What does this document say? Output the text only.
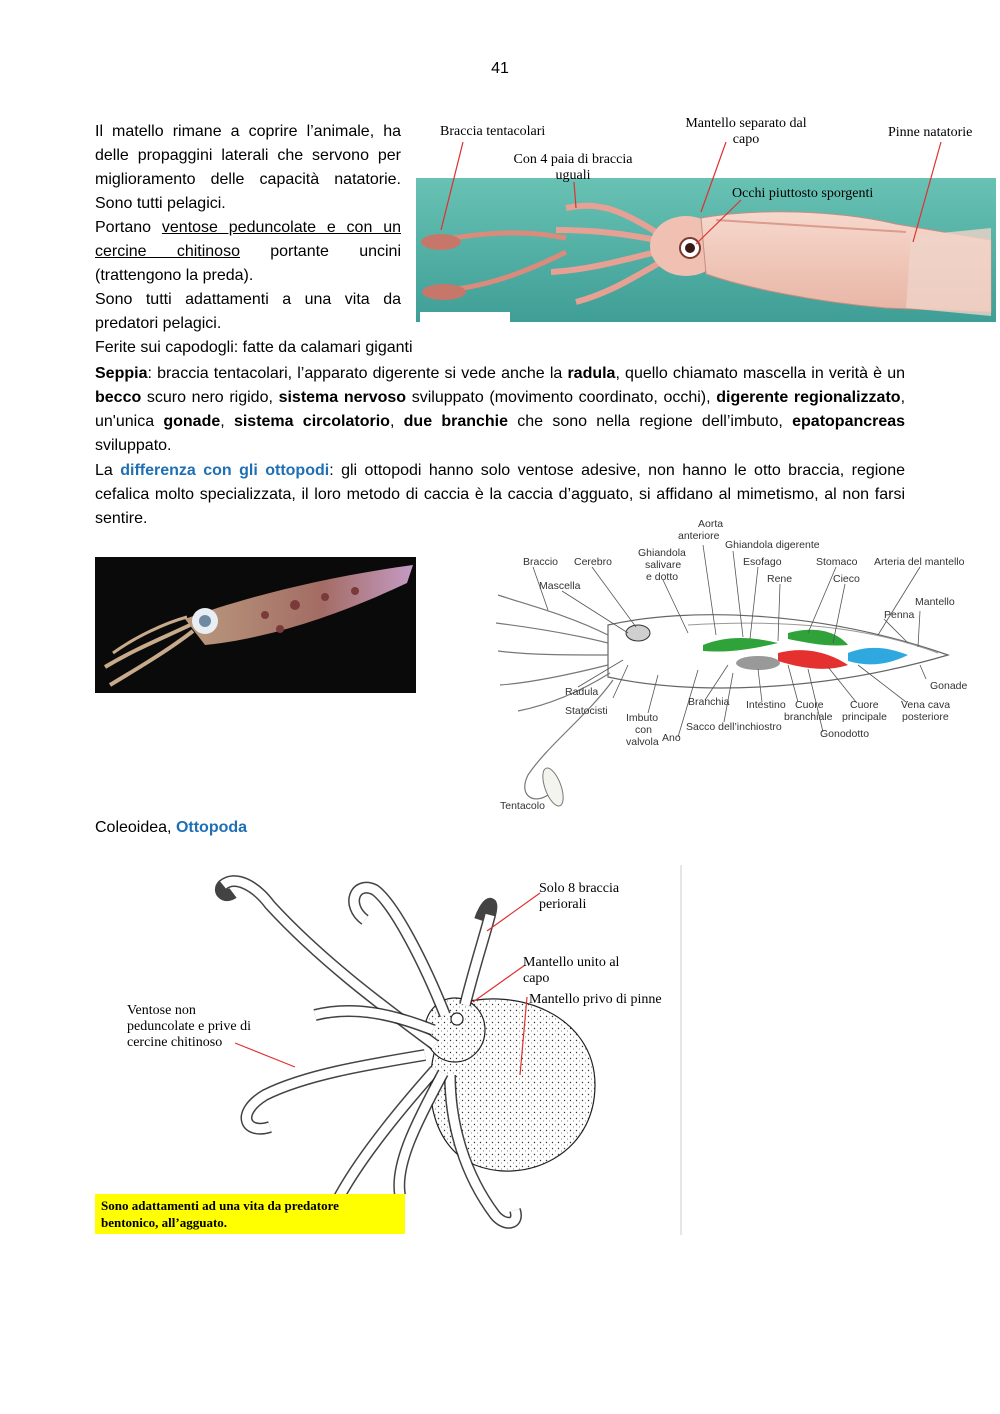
41
Il matello rimane a coprire l’animale, ha
delle propaggini laterali che servono per
miglioramento delle capacità natatorie.
Sono tutti pelagici.
Portano ventose peduncolate e con un
cercine chitinoso portante uncini
(trattengono la preda).
Sono tutti adattamenti a una vita da
predatori pelagici.
Ferite sui capodogli: fatte da calamari giganti
Braccia tentacolari
Mantello separato dal
capo	Pinne natatorie
Con 4 paia di braccia
uguali
Occhi piuttosto sporgenti
Seppia: braccia tentacolari, l’apparato digerente si vede anche la radula, quello chiamato mascella in verità è un becco scuro nero rigido, sistema nervoso sviluppato (movimento coordinato, occhi), digerente regionalizzato, un'unica gonade, sistema circolatorio, due branchie che sono nella regione dell’imbuto, epatopancreas sviluppato.
La differenza con gli ottopodi: gli ottopodi hanno solo ventose adesive, non hanno le otto braccia, regione cefalica molto specializzata, il loro metodo di caccia è la caccia d’agguato, si affidano al mimetismo, al non farsi sentire.	Aorta
anteriore
Ghiandola digerente
Braccio Cerebro
Ghiandola
salivare
e dotto
Esofago	Stomaco Arteria del mantello
Rene	Cieco
Mascella
Mantello
Penna
Gonade
Radula
Statocisti
Branchia Intestino Cuore
branchiale
Cuore
principale
Vena cava
posteriore
Imbuto
con
valvola
Sacco dell’inchiostro
Ano	Gonodotto
Tentacolo
Coleoidea, Ottopoda
Solo 8 braccia
periorali
Mantello unito al
capo
Mantello privo di pinne
Ventose non
peduncolate e prive di
cercine chitinoso
Sono adattamenti ad una vita da predatore
bentonico, all’agguato.
